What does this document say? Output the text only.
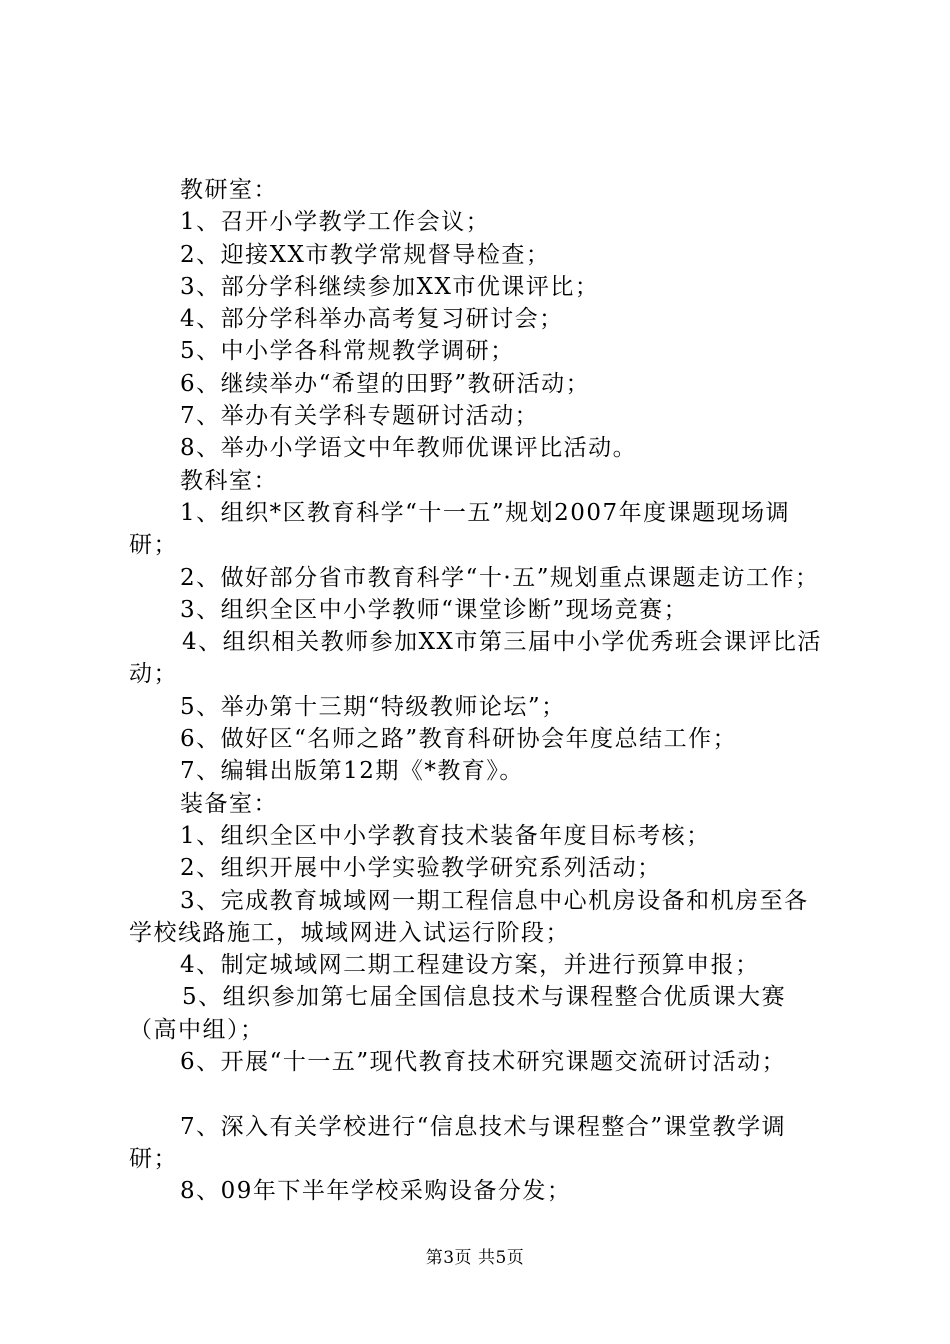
教研室：

1、召开小学教学工作会议；

2、迎接XX市教学常规督导检查；

3、部分学科继续参加XX市优课评比；

4、部分学科举办高考复习研讨会；

5、中小学各科常规教学调研；

6、继续举办“希望的田野”教研活动；

7、举办有关学科专题研讨活动；

8、举办小学语文中年教师优课评比活动。

教科室：

1、组织*区教育科学“十一五”规划2007年度课题现场调研；

2、做好部分省市教育科学“十·五”规划重点课题走访工作；

3、组织全区中小学教师“课堂诊断”现场竞赛；

4、组织相关教师参加XX市第三届中小学优秀班会课评比活动；

5、举办第十三期“特级教师论坛”；

6、做好区“名师之路”教育科研协会年度总结工作；

7、编辑出版第12期《*教育》。

装备室：

1、组织全区中小学教育技术装备年度目标考核；

2、组织开展中小学实验教学研究系列活动；

3、完成教育城域网一期工程信息中心机房设备和机房至各学校线路施工，城域网进入试运行阶段；

4、制定城域网二期工程建设方案，并进行预算申报；

5、组织参加第七届全国信息技术与课程整合优质课大赛（高中组）；

6、开展“十一五”现代教育技术研究课题交流研讨活动；

7、深入有关学校进行“信息技术与课程整合”课堂教学调研；

8、09年下半年学校采购设备分发；

第3页 共5页
